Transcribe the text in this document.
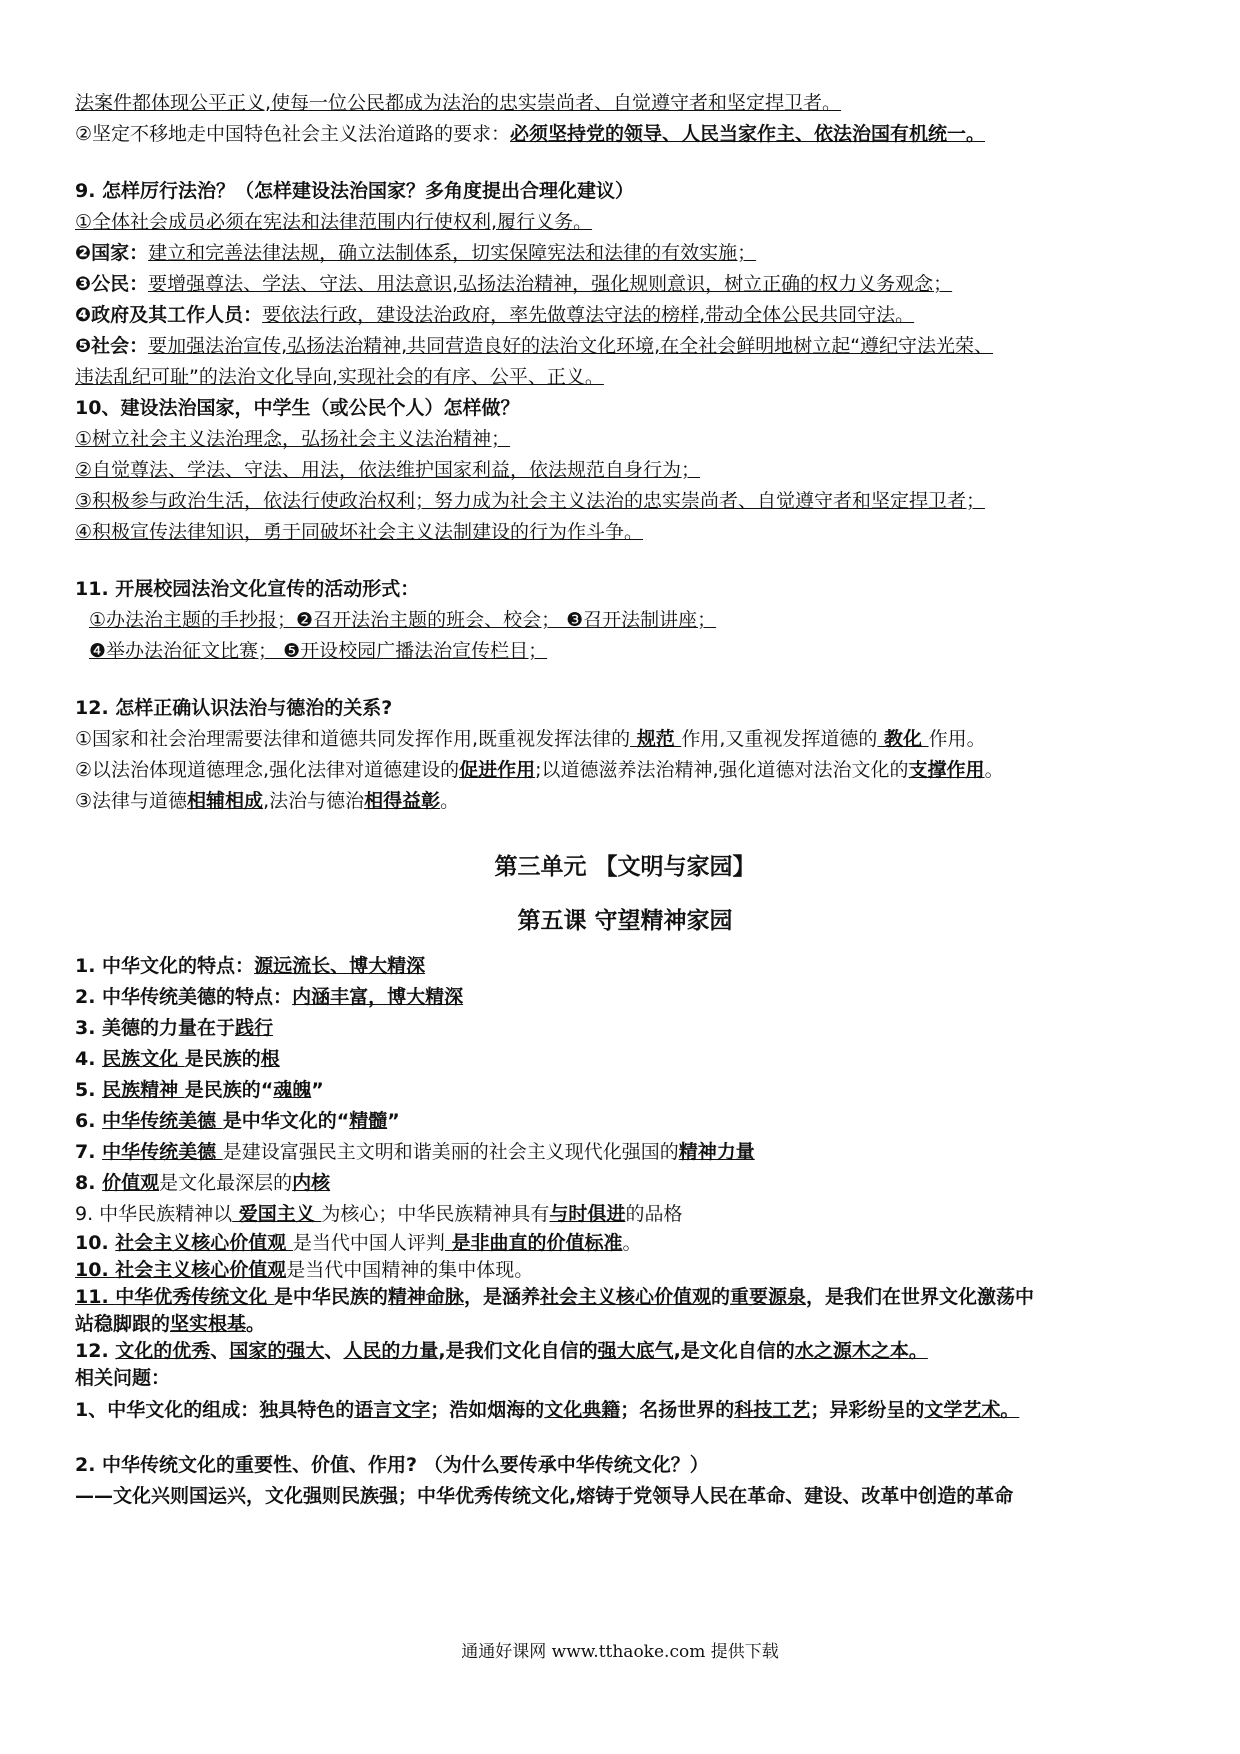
法案件都体现公平正义,使每一位公民都成为法治的忠实崇尚者、自觉遵守者和坚定捍卫者。
②坚定不移地走中国特色社会主义法治道路的要求：必须坚持党的领导、人民当家作主、依法治国有机统一。
9. 怎样厉行法治？（怎样建设法治国家？多角度提出合理化建议）
①全体社会成员必须在宪法和法律范围内行使权利,履行义务。
❷国家：建立和完善法律法规，确立法制体系，切实保障宪法和法律的有效实施；
❸公民：要增强尊法、学法、守法、用法意识,弘扬法治精神，强化规则意识，树立正确的权力义务观念；
❹政府及其工作人员：要依法行政，建设法治政府，率先做尊法守法的榜样,带动全体公民共同守法。
❺社会：要加强法治宣传,弘扬法治精神,共同营造良好的法治文化环境,在全社会鲜明地树立起“遵纪守法光荣、
违法乱纪可耻”的法治文化导向,实现社会的有序、公平、正义。
10、建设法治国家，中学生（或公民个人）怎样做？
①树立社会主义法治理念，弘扬社会主义法治精神；
②自觉尊法、学法、守法、用法，依法维护国家利益，依法规范自身行为；
③积极参与政治生活，依法行使政治权利；努力成为社会主义法治的忠实崇尚者、自觉遵守者和坚定捍卫者；
④积极宣传法律知识，勇于同破坏社会主义法制建设的行为作斗争。
11. 开展校园法治文化宣传的活动形式：
①办法治主题的手抄报；❷召开法治主题的班会、校会； ❸召开法制讲座；
❹举办法治征文比赛； ❺开设校园广播法治宣传栏目；
12. 怎样正确认识法治与德治的关系?
①国家和社会治理需要法律和道德共同发挥作用,既重视发挥法律的 规范 作用,又重视发挥道德的 教化 作用。
②以法治体现道德理念,强化法律对道德建设的促进作用;以道德滋养法治精神,强化道德对法治文化的支撑作用。
③法律与道德相辅相成,法治与德治相得益彰。
第三单元 【文明与家园】
第五课 守望精神家园
1. 中华文化的特点：源远流长、博大精深
2. 中华传统美德的特点：内涵丰富，博大精深
3. 美德的力量在于践行
4. 民族文化 是民族的根
5. 民族精神 是民族的“魂魄”
6. 中华传统美德 是中华文化的“精髓”
7. 中华传统美德 是建设富强民主文明和谐美丽的社会主义现代化强国的精神力量
8. 价值观是文化最深层的内核
9. 中华民族精神以 爱国主义 为核心；中华民族精神具有与时俱进的品格
10. 社会主义核心价值观 是当代中国人评判 是非曲直的价值标准。
10. 社会主义核心价值观是当代中国精神的集中体现。
11. 中华优秀传统文化 是中华民族的精神命脉，是涵养社会主义核心价值观的重要源泉，是我们在世界文化激荡中
站稳脚跟的坚实根基。
12. 文化的优秀、国家的强大、人民的力量,是我们文化自信的强大底气,是文化自信的水之源木之本。
相关问题：
1、中华文化的组成：独具特色的语言文字；浩如烟海的文化典籍；名扬世界的科技工艺；异彩纷呈的文学艺术。
2. 中华传统文化的重要性、价值、作用? （为什么要传承中华传统文化？）
——文化兴则国运兴，文化强则民族强；中华优秀传统文化,熔铸于党领导人民在革命、建设、改革中创造的革命
通通好课网 www.tthaoke.com 提供下载
